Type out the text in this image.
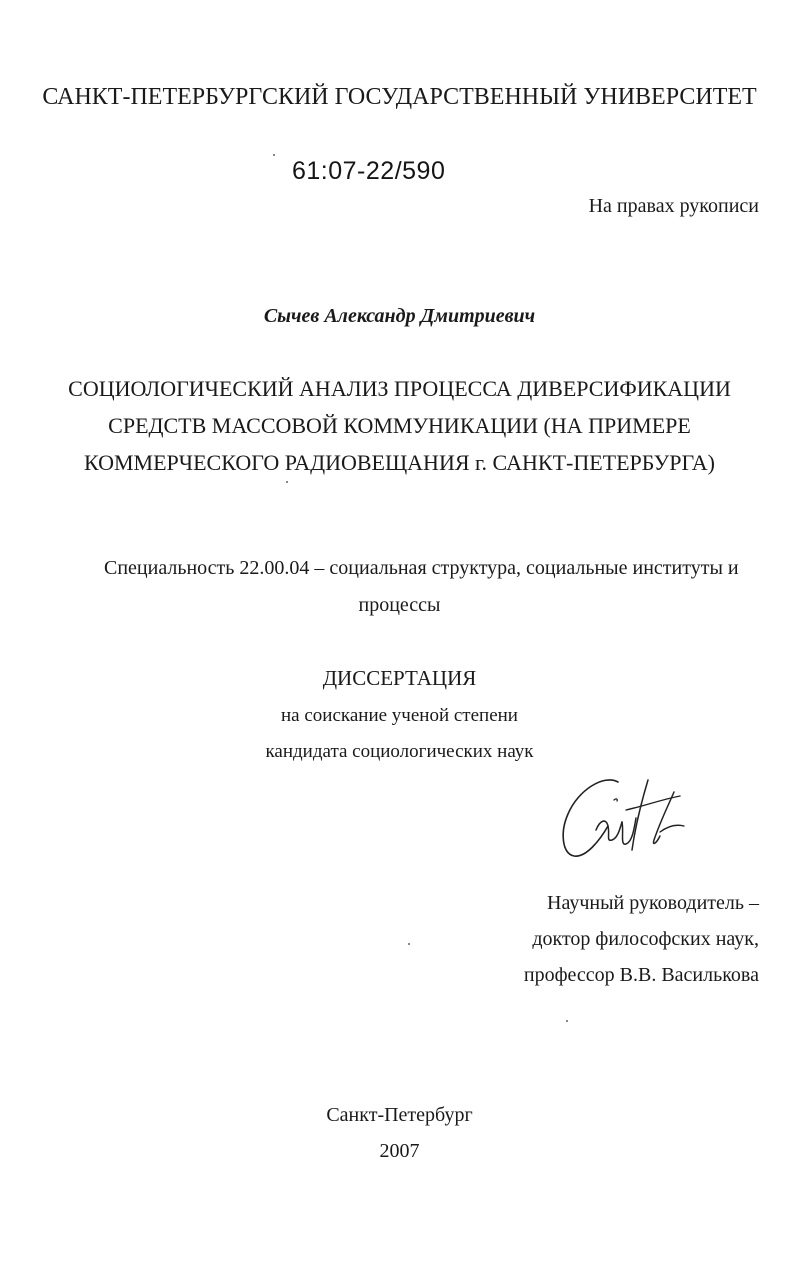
САНКТ-ПЕТЕРБУРГСКИЙ ГОСУДАРСТВЕННЫЙ УНИВЕРСИТЕТ
61:07-22/590
На правах рукописи
Сычев Александр Дмитриевич
СОЦИОЛОГИЧЕСКИЙ АНАЛИЗ ПРОЦЕССА ДИВЕРСИФИКАЦИИ
СРЕДСТВ МАССОВОЙ КОММУНИКАЦИИ (НА ПРИМЕРЕ
КОММЕРЧЕСКОГО РАДИОВЕЩАНИЯ г. САНКТ-ПЕТЕРБУРГА)
Специальность 22.00.04 – социальная структура, социальные институты и
процессы
ДИССЕРТАЦИЯ
на соискание ученой степени
кандидата социологических наук
Научный руководитель –
доктор философских наук,
профессор В.В. Василькова
Санкт-Петербург
2007
